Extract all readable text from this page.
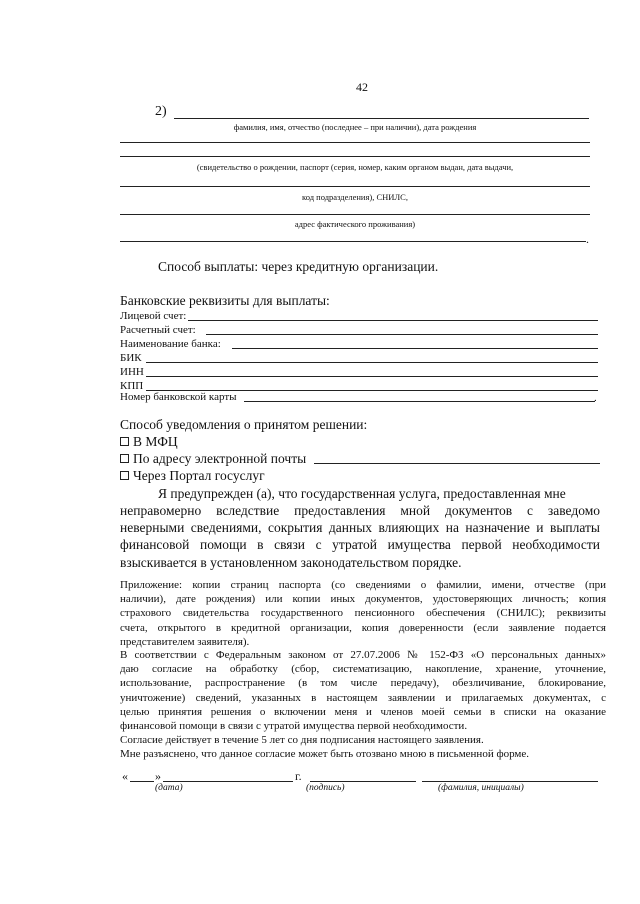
42
2)
фамилия, имя, отчество (последнее – при наличии), дата рождения
(свидетельство о рождении, паспорт (серия, номер, каким органом выдан, дата выдачи,
код подразделения), СНИЛС,
адрес фактического проживания)
.
Способ выплаты: через кредитную организации.
Банковские реквизиты для выплаты:
Лицевой счет:
Расчетный счет:
Наименование банка:
БИК
ИНН
КПП
Номер банковской карты	.
Способ уведомления о принятом решении:
В МФЦ
По адресу электронной почты
Через Портал госуслуг
Я предупрежден (а), что государственная услуга, предоставленная мне
неправомерно вследствие предоставления мной документов с заведомо
неверными сведениями, сокрытия данных влияющих на назначение и выплаты
финансовой помощи в связи с утратой имущества первой необходимости
взыскивается в установленном законодательством порядке.
Приложение: копии страниц паспорта (со сведениями о фамилии, имени, отчестве (при
наличии), дате рождения) или копии иных документов, удостоверяющих личность; копия
страхового свидетельства государственного пенсионного обеспечения (СНИЛС); реквизиты
счета, открытого в кредитной организации, копия доверенности (если заявление подается
представителем заявителя).
В соответствии с Федеральным законом от 27.07.2006 № 152-ФЗ «О персональных данных»
даю согласие на обработку (сбор, систематизацию, накопление, хранение, уточнение,
использование, распространение (в том числе передачу), обезличивание, блокирование,
уничтожение) сведений, указанных в настоящем заявлении и прилагаемых документах, с
целью принятия решения о включении меня и членов моей семьи в списки на оказание
финансовой помощи в связи с утратой имущества первой необходимости.
Согласие действует в течение 5 лет со дня подписания настоящего заявления.
Мне разъяснено, что данное согласие может быть отозвано мною в письменной форме.
« »	г.
(дата)	(подпись)	(фамилия, инициалы)
